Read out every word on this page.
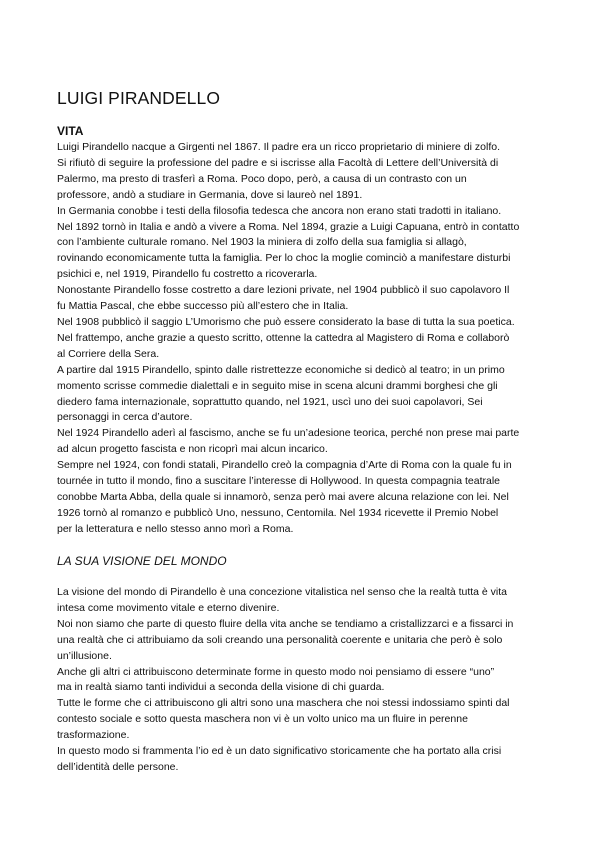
LUIGI PIRANDELLO
VITA
Luigi Pirandello nacque a Girgenti nel 1867. Il padre era un ricco proprietario di miniere di zolfo.
Si rifiutò di seguire la professione del padre e si iscrisse alla Facoltà di Lettere dell’Università di
Palermo, ma presto di trasferì a Roma. Poco dopo, però, a causa di un contrasto con un
professore, andò a studiare in Germania, dove si laureò nel 1891.
In Germania conobbe i testi della filosofia tedesca che ancora non erano stati tradotti in italiano.
Nel 1892 tornò in Italia e andò a vivere a Roma. Nel 1894, grazie a Luigi Capuana, entrò in contatto
con l’ambiente culturale romano. Nel 1903 la miniera di zolfo della sua famiglia si allagò,
rovinando economicamente tutta la famiglia. Per lo choc la moglie cominciò a manifestare disturbi
psichici e, nel 1919, Pirandello fu costretto a ricoverarla.
Nonostante Pirandello fosse costretto a dare lezioni private, nel 1904 pubblicò il suo capolavoro Il
fu Mattia Pascal, che ebbe successo più all’estero che in Italia.
Nel 1908 pubblicò il saggio L’Umorismo che può essere considerato la base di tutta la sua poetica.
Nel frattempo, anche grazie a questo scritto, ottenne la cattedra al Magistero di Roma e collaborò
al Corriere della Sera.
A partire dal 1915 Pirandello, spinto dalle ristrettezze economiche si dedicò al teatro; in un primo
momento scrisse commedie dialettali e in seguito mise in scena alcuni drammi borghesi che gli
diedero fama internazionale, soprattutto quando, nel 1921, uscì uno dei suoi capolavori, Sei
personaggi in cerca d’autore.
Nel 1924 Pirandello aderì al fascismo, anche se fu un’adesione teorica, perché non prese mai parte
ad alcun progetto fascista e non ricoprì mai alcun incarico.
Sempre nel 1924, con fondi statali, Pirandello creò la compagnia d’Arte di Roma con la quale fu in
tournée in tutto il mondo, fino a suscitare l’interesse di Hollywood. In questa compagnia teatrale
conobbe Marta Abba, della quale si innamorò, senza però mai avere alcuna relazione con lei. Nel
1926 tornò al romanzo e pubblicò Uno, nessuno, Centomila. Nel 1934 ricevette il Premio Nobel
per la letteratura e nello stesso anno morì a Roma.
LA SUA VISIONE DEL MONDO
La visione del mondo di Pirandello è una concezione vitalistica nel senso che la realtà tutta è vita
intesa come movimento vitale e eterno divenire.
Noi non siamo che parte di questo fluire della vita anche se tendiamo a cristallizzarci e a fissarci in
una realtà che ci attribuiamo da soli creando una personalità coerente e unitaria che però è solo
un’illusione.
Anche gli altri ci attribuiscono determinate forme in questo modo noi pensiamo di essere “uno”
ma in realtà siamo tanti individui a seconda della visione di chi guarda.
Tutte le forme che ci attribuiscono gli altri sono una maschera che noi stessi indossiamo spinti dal
contesto sociale e sotto questa maschera non vi è un volto unico ma un fluire in perenne
trasformazione.
In questo modo si frammenta l’io ed è un dato significativo storicamente che ha portato alla crisi
dell’identità delle persone.
